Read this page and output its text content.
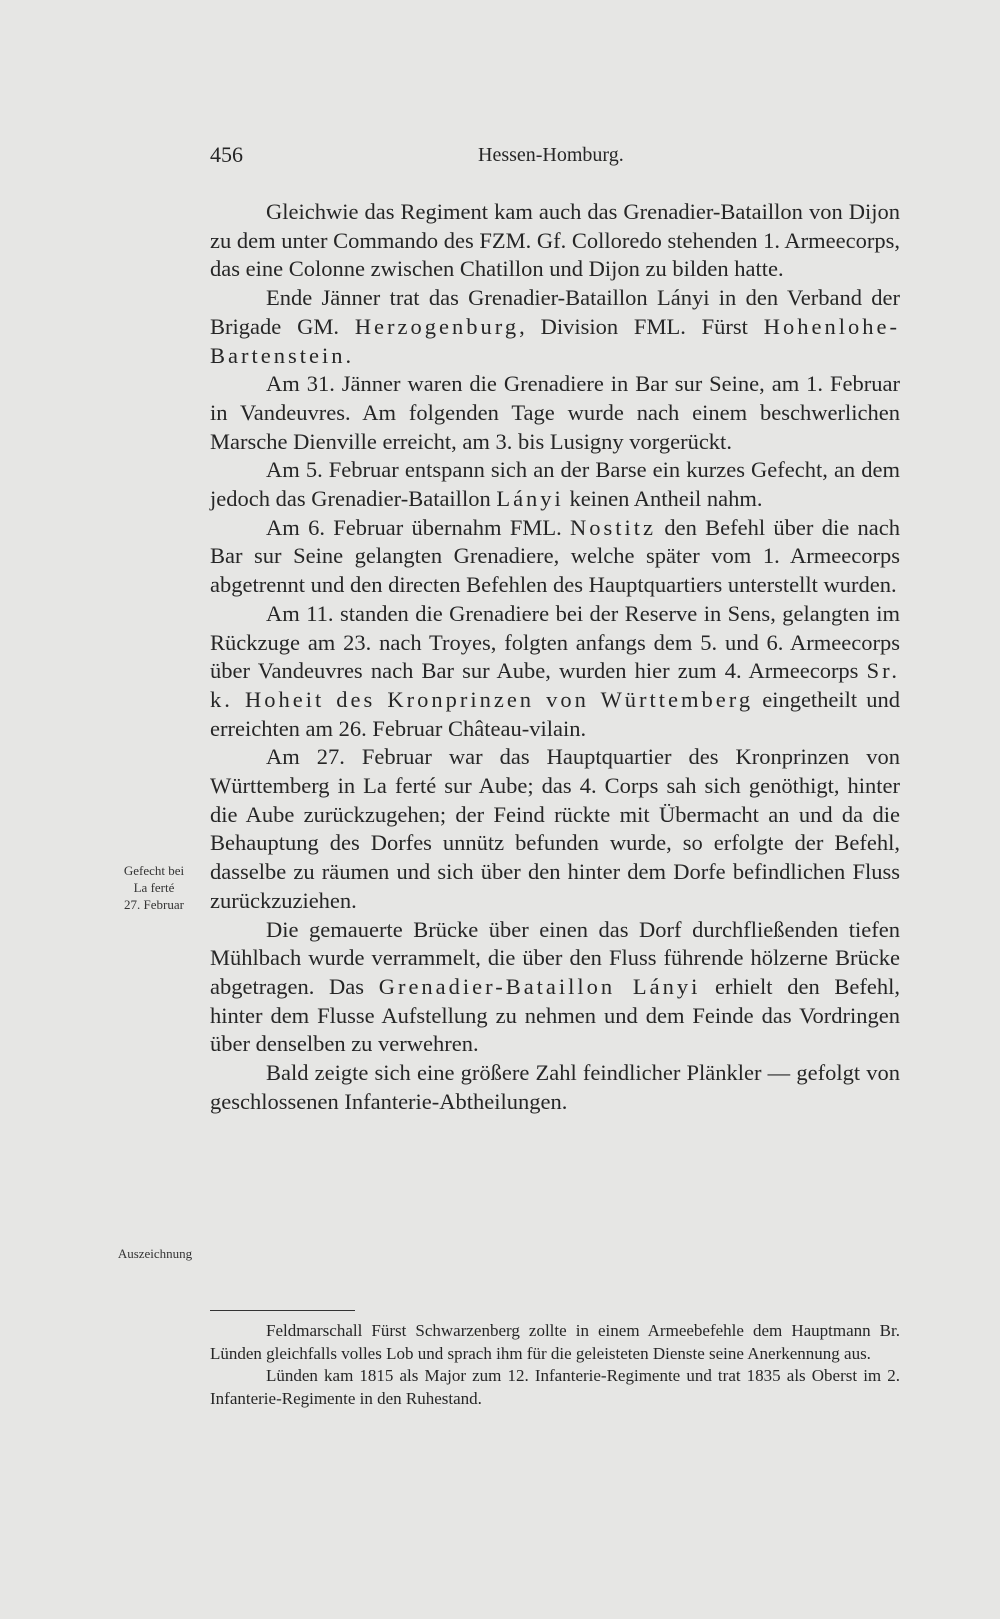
456	Hessen-Homburg.
Gefecht bei
La ferté
27. Februar
Auszeichnung

Gleichwie das Regiment kam auch das Grenadier-Bataillon von Dijon zu dem unter Commando des FZM. Gf. Colloredo stehenden 1. Armeecorps, das eine Colonne zwischen Chatillon und Dijon zu bilden hatte.

Ende Jänner trat das Grenadier-Bataillon Lányi in den Verband der Brigade GM. Herzogenburg, Division FML. Fürst Hohenlohe-Bartenstein.

Am 31. Jänner waren die Grenadiere in Bar sur Seine, am 1. Februar in Vandeuvres. Am folgenden Tage wurde nach einem beschwerlichen Marsche Dienville erreicht, am 3. bis Lusigny vorgerückt.

Am 5. Februar entspann sich an der Barse ein kurzes Gefecht, an dem jedoch das Grenadier-Bataillon Lányi keinen Antheil nahm.

Am 6. Februar übernahm FML. Nostitz den Befehl über die nach Bar sur Seine gelangten Grenadiere, welche später vom 1. Armeecorps abgetrennt und den directen Befehlen des Hauptquartiers unterstellt wurden.

Am 11. standen die Grenadiere bei der Reserve in Sens, gelangten im Rückzuge am 23. nach Troyes, folgten anfangs dem 5. und 6. Armeecorps über Vandeuvres nach Bar sur Aube, wurden hier zum 4. Armeecorps Sr. k. Hoheit des Kronprinzen von Württemberg eingetheilt und erreichten am 26. Februar Château-vilain.

Am 27. Februar war das Hauptquartier des Kronprinzen von Württemberg in La ferté sur Aube; das 4. Corps sah sich genöthigt, hinter die Aube zurückzugehen; der Feind rückte mit Übermacht an und da die Behauptung des Dorfes unnütz befunden wurde, so erfolgte der Befehl, dasselbe zu räumen und sich über den hinter dem Dorfe befindlichen Fluss zurückzuziehen.

Die gemauerte Brücke über einen das Dorf durchfließenden tiefen Mühlbach wurde verrammelt, die über den Fluss führende hölzerne Brücke abgetragen. Das Grenadier-Bataillon Lányi erhielt den Befehl, hinter dem Flusse Aufstellung zu nehmen und dem Feinde das Vordringen über denselben zu verwehren.

Bald zeigte sich eine größere Zahl feindlicher Plänkler — gefolgt von geschlossenen Infanterie-Abtheilungen.

Feldmarschall Fürst Schwarzenberg zollte in einem Armeebefehle dem Hauptmann Br. Lünden gleichfalls volles Lob und sprach ihm für die geleisteten Dienste seine Anerkennung aus.

Lünden kam 1815 als Major zum 12. Infanterie-Regimente und trat 1835 als Oberst im 2. Infanterie-Regimente in den Ruhestand.
